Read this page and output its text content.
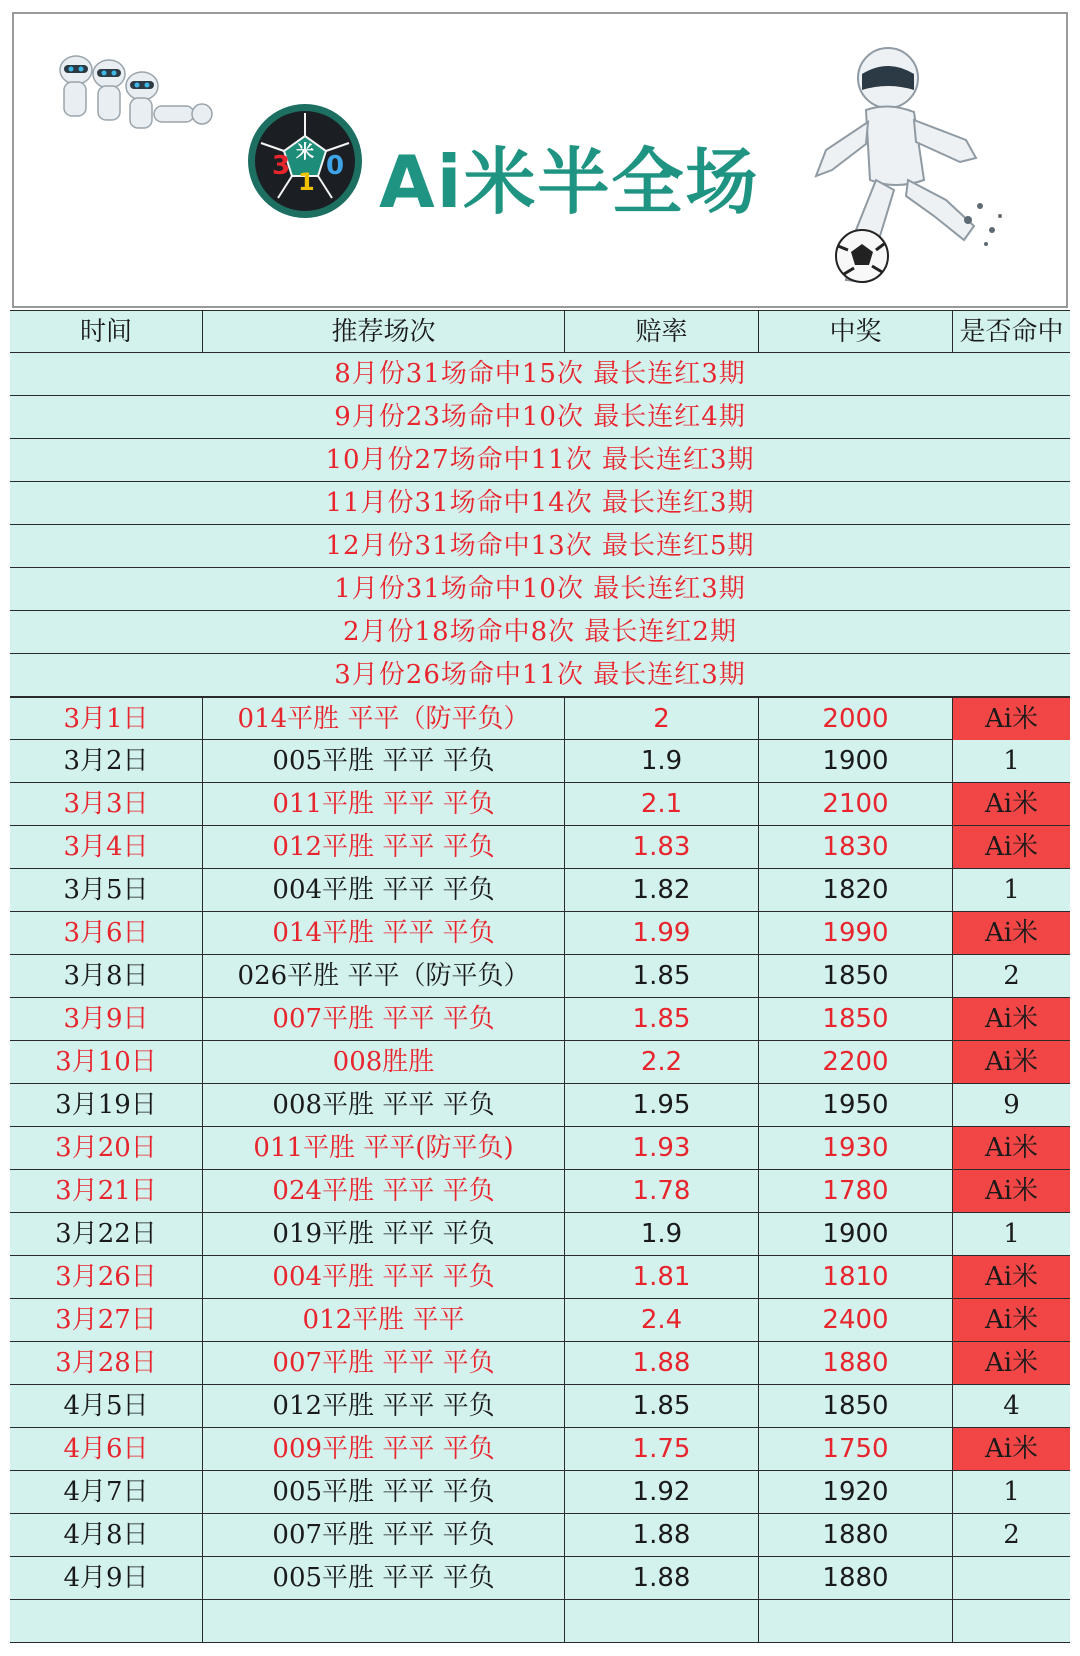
3 米
1
0 Ai米半全场
时间	推荐场次	赔率	中奖	是否命中
8月份31场命中15次 最长连红3期
9月份23场命中10次 最长连红4期
10月份27场命中11次 最长连红3期
11月份31场命中14次 最长连红3期
12月份31场命中13次 最长连红5期
1月份31场命中10次 最长连红3期
2月份18场命中8次 最长连红2期
3月份26场命中11次 最长连红3期
3月1日	014平胜 平平（防平负）	2	2000	Ai米
3月2日	005平胜 平平 平负	1.9	1900	1
3月3日	011平胜 平平 平负	2.1	2100	Ai米
3月4日	012平胜 平平 平负	1.83	1830	Ai米
3月5日	004平胜 平平 平负	1.82	1820	1
3月6日	014平胜 平平 平负	1.99	1990	Ai米
3月8日	026平胜 平平（防平负）	1.85	1850	2
3月9日	007平胜 平平 平负	1.85	1850	Ai米
3月10日	008胜胜	2.2	2200	Ai米
3月19日	008平胜 平平 平负	1.95	1950	9
3月20日	011平胜 平平(防平负)	1.93	1930	Ai米
3月21日	024平胜 平平 平负	1.78	1780	Ai米
3月22日	019平胜 平平 平负	1.9	1900	1
3月26日	004平胜 平平 平负	1.81	1810	Ai米
3月27日	012平胜 平平	2.4	2400	Ai米
3月28日	007平胜 平平 平负	1.88	1880	Ai米
4月5日	012平胜 平平 平负	1.85	1850	4
4月6日	009平胜 平平 平负	1.75	1750	Ai米
4月7日	005平胜 平平 平负	1.92	1920	1
4月8日	007平胜 平平 平负	1.88	1880	2
4月9日	005平胜 平平 平负	1.88	1880
